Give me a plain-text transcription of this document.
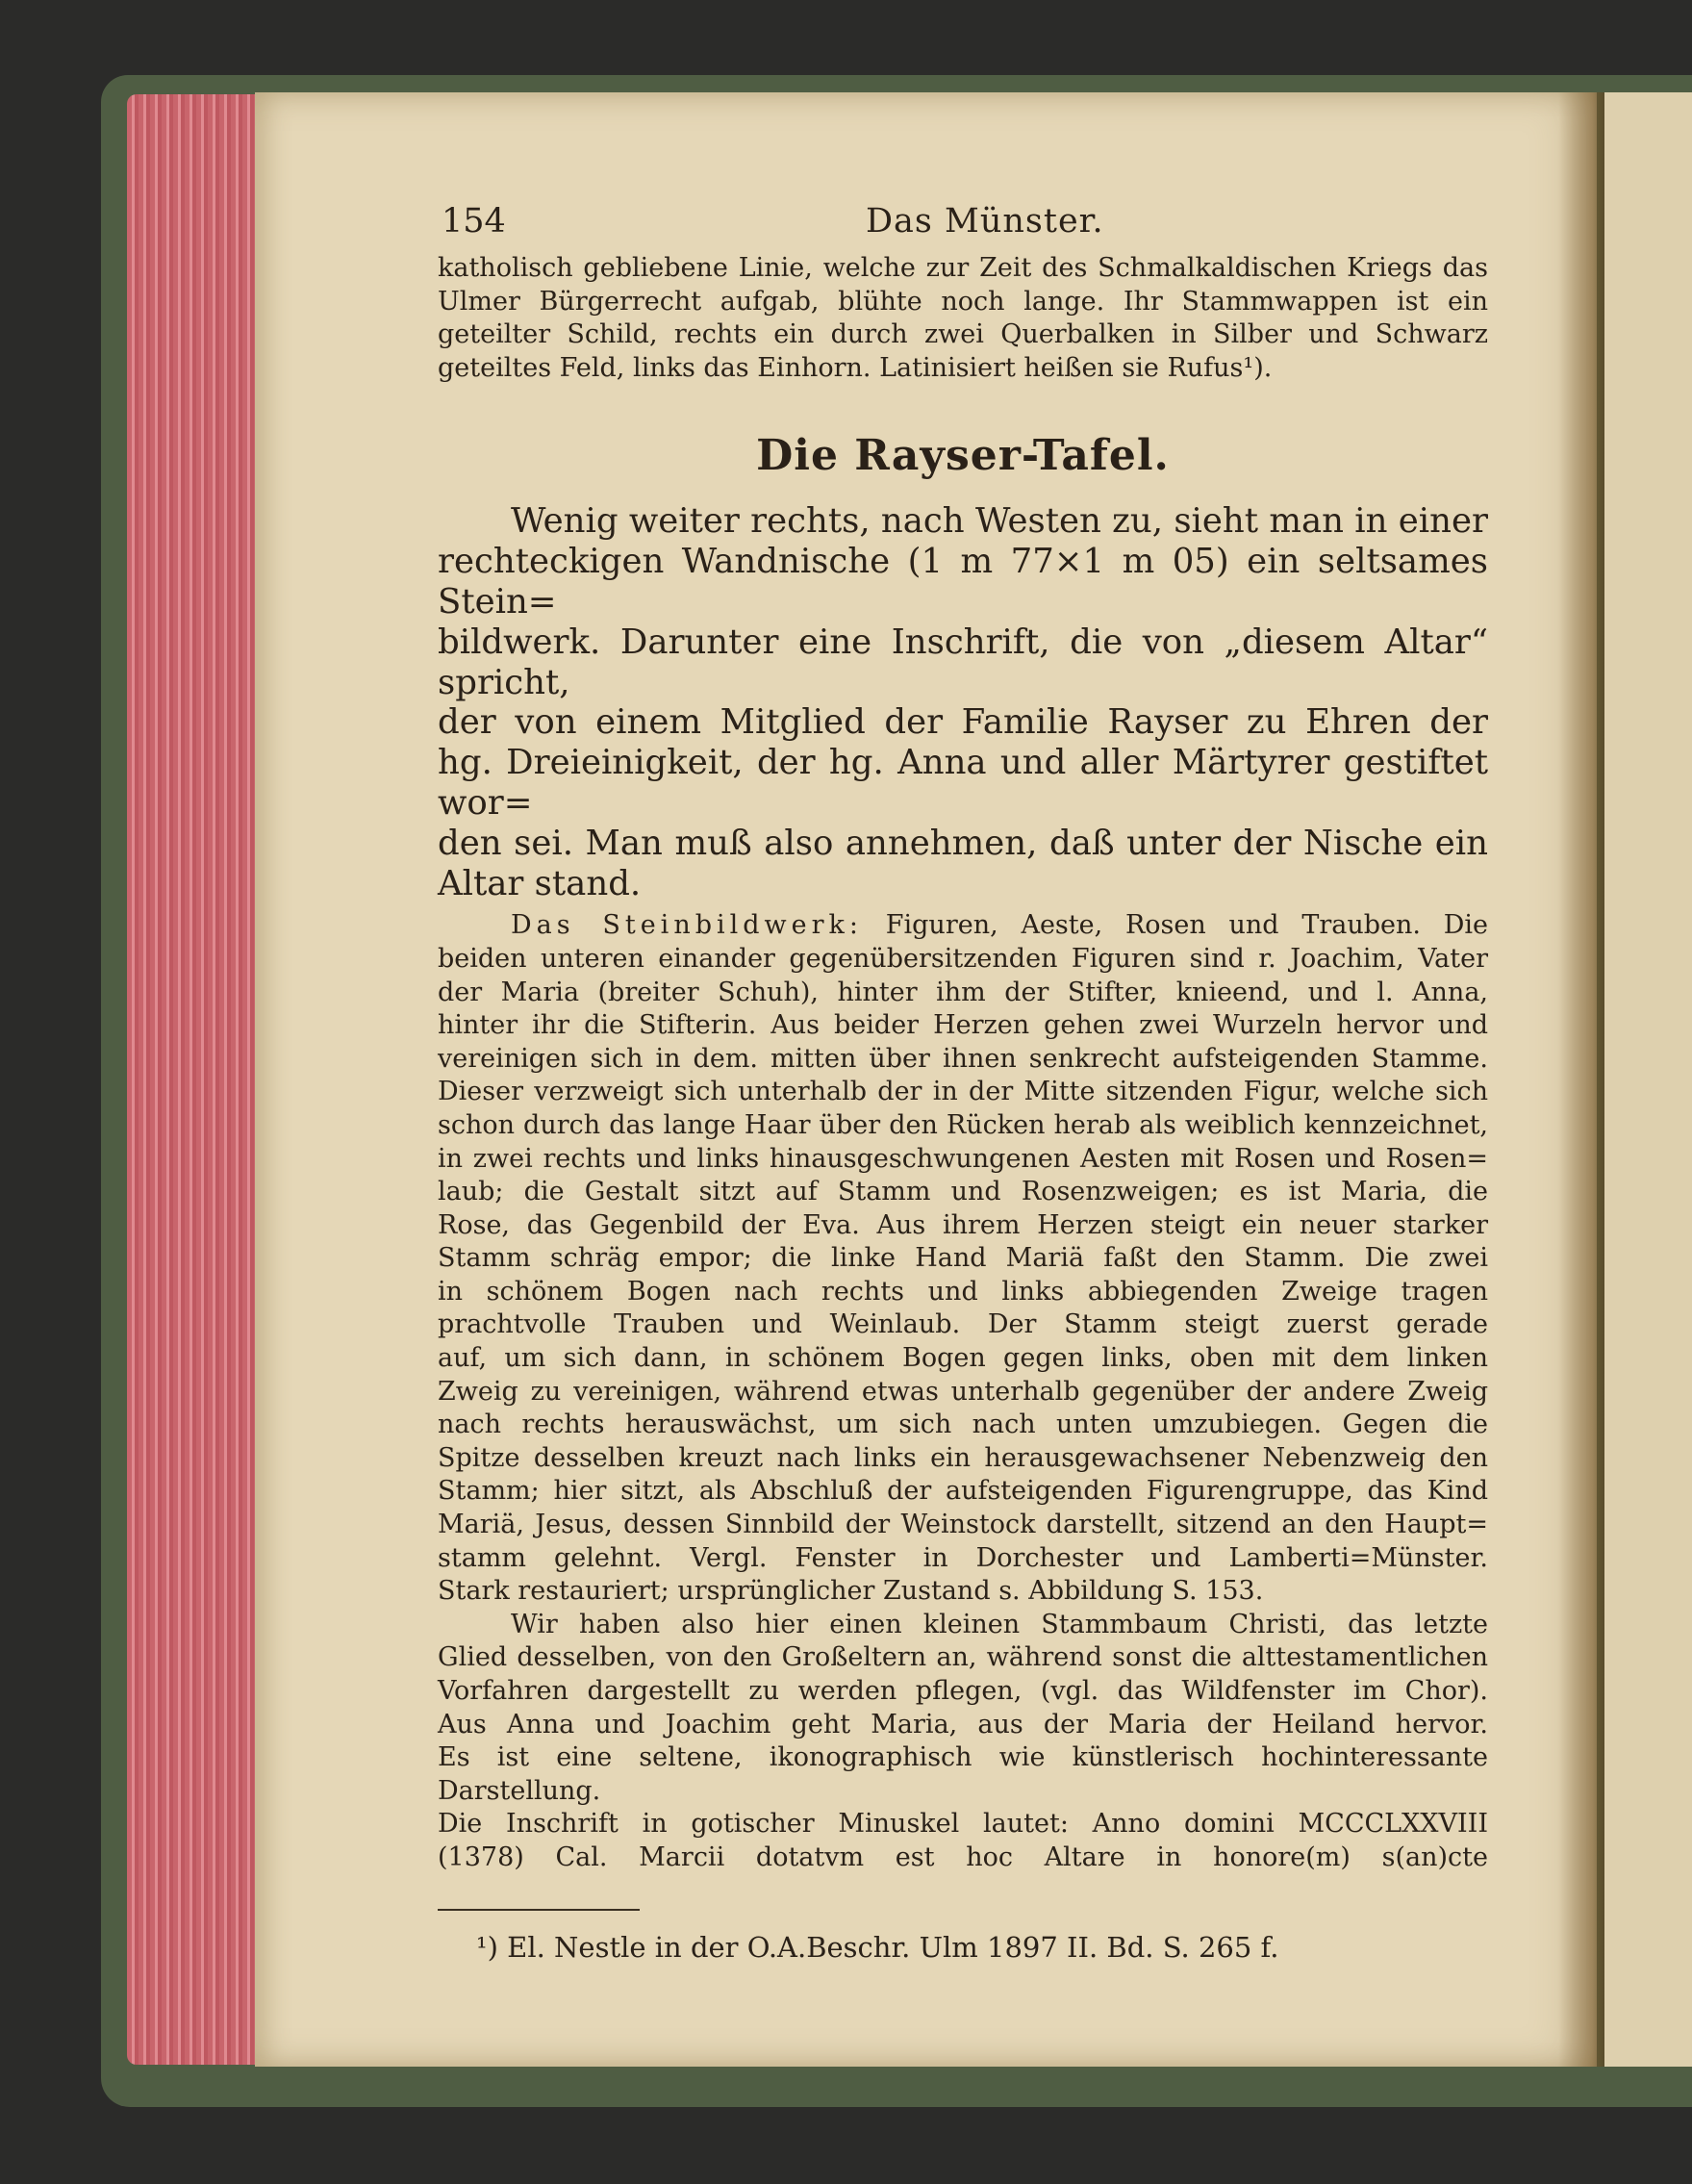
154	Das Münster.

katholisch gebliebene Linie, welche zur Zeit des Schmalkaldischen Kriegs das

Ulmer Bürgerrecht aufgab, blühte noch lange. Ihr Stammwappen ist ein

geteilter Schild, rechts ein durch zwei Querbalken in Silber und Schwarz

geteiltes Feld, links das Einhorn. Latinisiert heißen sie Rufus¹).

Die Rayser-Tafel.

Wenig weiter rechts, nach Westen zu, sieht man in einer

rechteckigen Wandnische (1 m 77×1 m 05) ein seltsames Stein=

bildwerk. Darunter eine Inschrift, die von „diesem Altar“ spricht,

der von einem Mitglied der Familie Rayser zu Ehren der

hg. Dreieinigkeit, der hg. Anna und aller Märtyrer gestiftet wor=

den sei. Man muß also annehmen, daß unter der Nische ein

Altar stand.

Das Steinbildwerk: Figuren, Aeste, Rosen und Trauben. Die

beiden unteren einander gegenübersitzenden Figuren sind r. Joachim, Vater

der Maria (breiter Schuh), hinter ihm der Stifter, knieend, und l. Anna,

hinter ihr die Stifterin. Aus beider Herzen gehen zwei Wurzeln hervor und

vereinigen sich in dem. mitten über ihnen senkrecht aufsteigenden Stamme.

Dieser verzweigt sich unterhalb der in der Mitte sitzenden Figur, welche sich

schon durch das lange Haar über den Rücken herab als weiblich kennzeichnet,

in zwei rechts und links hinausgeschwungenen Aesten mit Rosen und Rosen=

laub; die Gestalt sitzt auf Stamm und Rosenzweigen; es ist Maria, die

Rose, das Gegenbild der Eva. Aus ihrem Herzen steigt ein neuer starker

Stamm schräg empor; die linke Hand Mariä faßt den Stamm. Die zwei

in schönem Bogen nach rechts und links abbiegenden Zweige tragen

prachtvolle Trauben und Weinlaub. Der Stamm steigt zuerst gerade

auf, um sich dann, in schönem Bogen gegen links, oben mit dem linken

Zweig zu vereinigen, während etwas unterhalb gegenüber der andere Zweig

nach rechts herauswächst, um sich nach unten umzubiegen. Gegen die

Spitze desselben kreuzt nach links ein herausgewachsener Nebenzweig den

Stamm; hier sitzt, als Abschluß der aufsteigenden Figurengruppe, das Kind

Mariä, Jesus, dessen Sinnbild der Weinstock darstellt, sitzend an den Haupt=

stamm gelehnt. Vergl. Fenster in Dorchester und Lamberti=Münster.

Stark restauriert; ursprünglicher Zustand s. Abbildung S. 153.

Wir haben also hier einen kleinen Stammbaum Christi, das letzte

Glied desselben, von den Großeltern an, während sonst die alttestamentlichen

Vorfahren dargestellt zu werden pflegen, (vgl. das Wildfenster im Chor).

Aus Anna und Joachim geht Maria, aus der Maria der Heiland hervor.

Es ist eine seltene, ikonographisch wie künstlerisch hochinteressante Darstellung.

Die Inschrift in gotischer Minuskel lautet: Anno domini MCCCLXXVIII

(1378) Cal. Marcii dotatvm est hoc Altare in honore(m) s(an)cte

¹) El. Nestle in der O.A.Beschr. Ulm 1897 II. Bd. S. 265 f.
